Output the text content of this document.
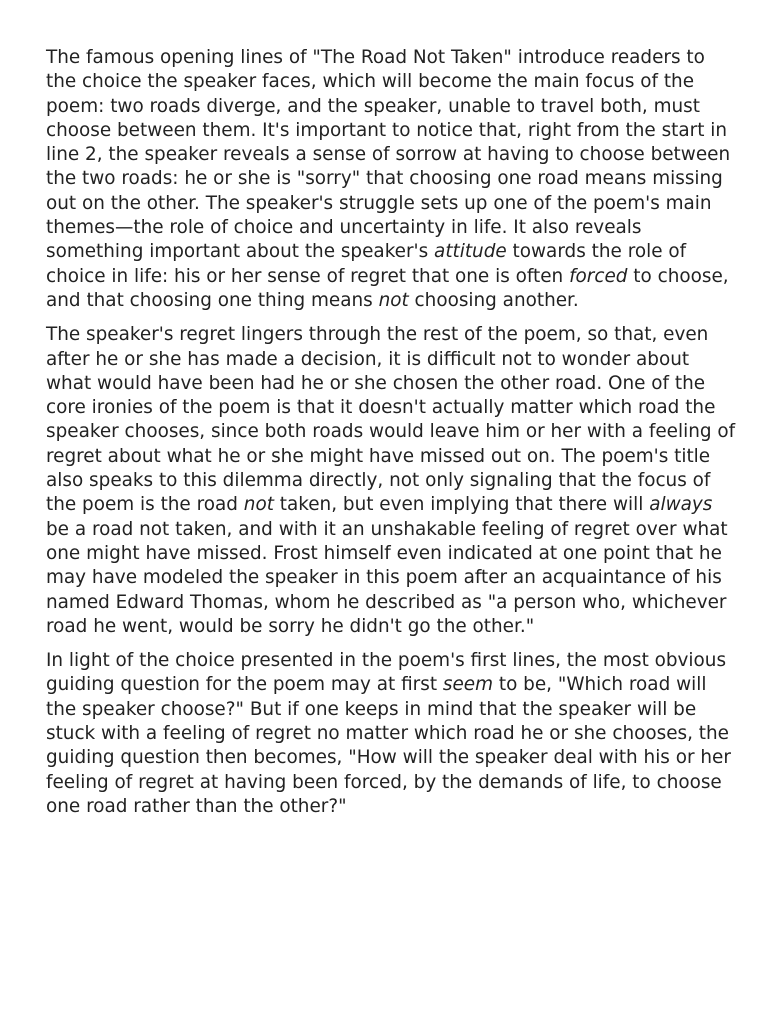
The famous opening lines of "The Road Not Taken" introduce readers to the choice the speaker faces, which will become the main focus of the poem: two roads diverge, and the speaker, unable to travel both, must choose between them. It's important to notice that, right from the start in line 2, the speaker reveals a sense of sorrow at having to choose between the two roads: he or she is "sorry" that choosing one road means missing out on the other. The speaker's struggle sets up one of the poem's main themes—the role of choice and uncertainty in life. It also reveals something important about the speaker's attitude towards the role of choice in life: his or her sense of regret that one is often forced to choose, and that choosing one thing means not choosing another.

The speaker's regret lingers through the rest of the poem, so that, even after he or she has made a decision, it is difficult not to wonder about what would have been had he or she chosen the other road. One of the core ironies of the poem is that it doesn't actually matter which road the speaker chooses, since both roads would leave him or her with a feeling of regret about what he or she might have missed out on. The poem's title also speaks to this dilemma directly, not only signaling that the focus of the poem is the road not taken, but even implying that there will always be a road not taken, and with it an unshakable feeling of regret over what one might have missed. Frost himself even indicated at one point that he may have modeled the speaker in this poem after an acquaintance of his named Edward Thomas, whom he described as "a person who, whichever road he went, would be sorry he didn't go the other."

In light of the choice presented in the poem's first lines, the most obvious guiding question for the poem may at first seem to be, "Which road will the speaker choose?" But if one keeps in mind that the speaker will be stuck with a feeling of regret no matter which road he or she chooses, the guiding question then becomes, "How will the speaker deal with his or her feeling of regret at having been forced, by the demands of life, to choose one road rather than the other?"
